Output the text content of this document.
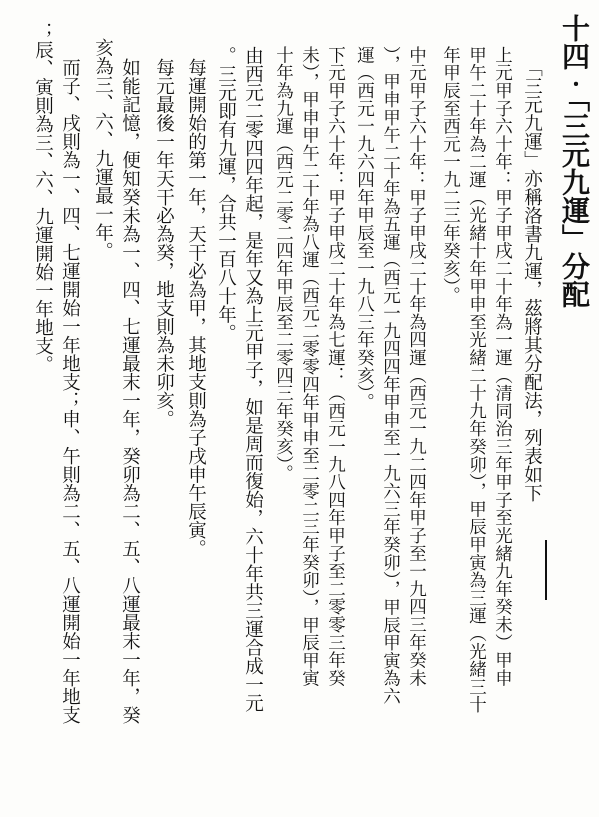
十四‧「三元九運」分配
「三元九運」亦稱洛書九運，茲將其分配法，列表如下
上元甲子六十年：甲子甲戌二十年為一運（清同治三年甲子至光緒九年癸未）甲申
甲午二十年為二運（光緒十年甲申至光緒二十九年癸卯），甲辰甲寅為三運（光緒三十
年甲辰至西元一九二三年癸亥）。
中元甲子六十年：甲子甲戌二十年為四運（西元一九二四年甲子至一九四三年癸未
），甲申甲午二十年為五運（西元一九四四年甲申至一九六三年癸卯），甲辰甲寅為六
運（西元一九六四年甲辰至一九八三年癸亥）。
下元甲子六十年：甲子甲戌二十年為七運：（西元一九八四年甲子至二零零三年癸
未），甲申甲午二十年為八運（西元二零零四年甲申至二零二三年癸卯），甲辰甲寅
十年為九運（西元二零二四年甲辰至二零四三年癸亥）。
由西元二零四四年起，是年又為上元甲子，如是周而復始，六十年共三運合成一元
。三元即有九運，合共一百八十年。
每運開始的第一年，天干必為甲，其地支則為子戌申午辰寅。
每元最後一年天干必為癸，地支則為未卯亥。
如能記憶，便知癸未為一、四、七運最末一年，癸卯為二、五、八運最末一年，癸
亥為三、六、九運最一年。
而子、戌則為一、四、七運開始一年地支；申、午則為二、五、八運開始一年地支
；辰、寅則為三、六、九運開始一年地支。
